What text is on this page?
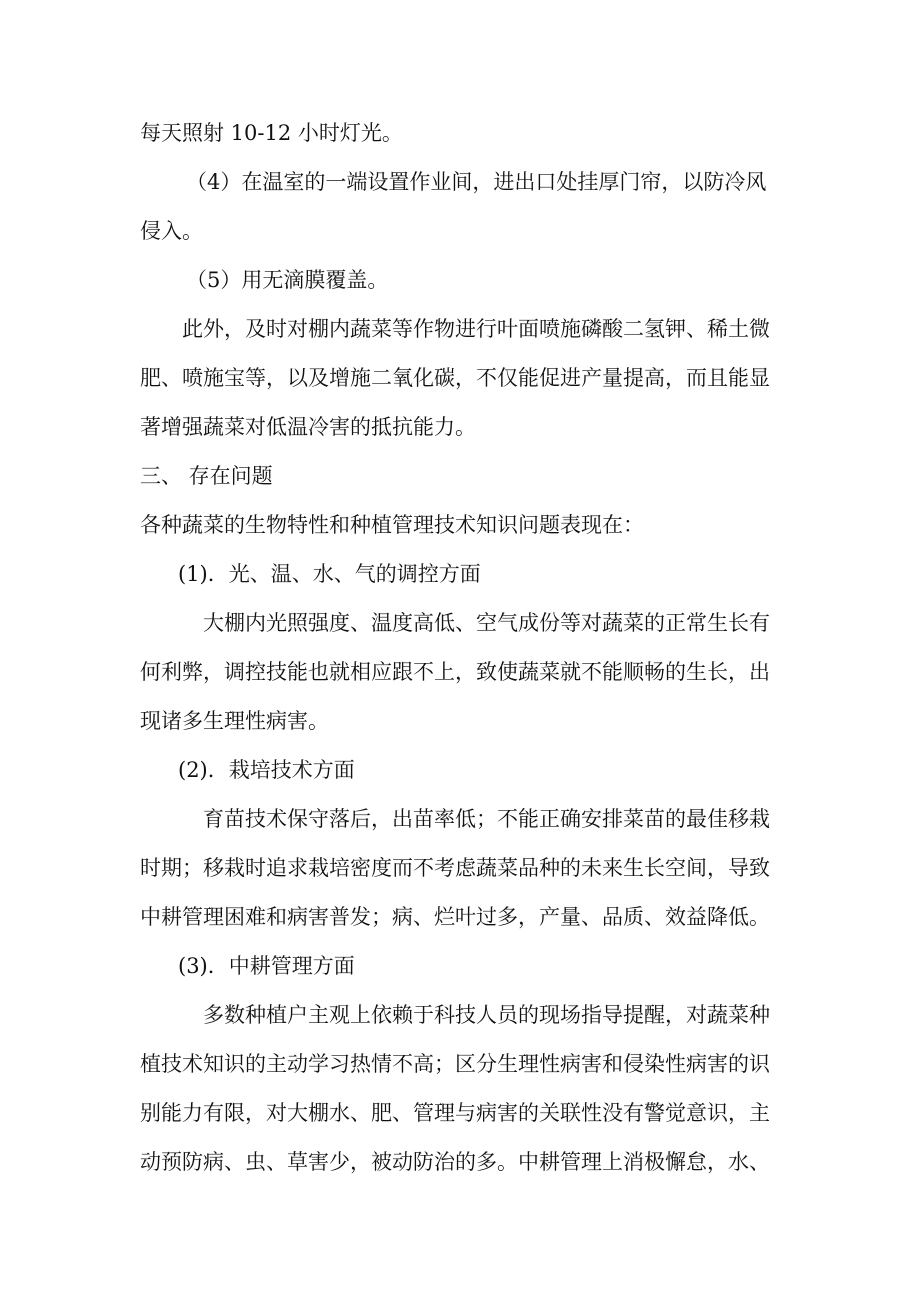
每天照射 10-12 小时灯光。
（4）在温室的一端设置作业间，进出口处挂厚门帘，以防冷风
侵入。
（5）用无滴膜覆盖。
此外，及时对棚内蔬菜等作物进行叶面喷施磷酸二氢钾、稀土微
肥、喷施宝等，以及增施二氧化碳，不仅能促进产量提高，而且能显
著增强蔬菜对低温冷害的抵抗能力。
三、 存在问题
各种蔬菜的生物特性和种植管理技术知识问题表现在：
(1)．光、温、水、气的调控方面
大棚内光照强度、温度高低、空气成份等对蔬菜的正常生长有
何利弊，调控技能也就相应跟不上，致使蔬菜就不能顺畅的生长，出
现诸多生理性病害。
(2)．栽培技术方面
育苗技术保守落后，出苗率低；不能正确安排菜苗的最佳移栽
时期；移栽时追求栽培密度而不考虑蔬菜品种的未来生长空间，导致
中耕管理困难和病害普发；病、烂叶过多，产量、品质、效益降低。
(3)．中耕管理方面
多数种植户主观上依赖于科技人员的现场指导提醒，对蔬菜种
植技术知识的主动学习热情不高；区分生理性病害和侵染性病害的识
别能力有限，对大棚水、肥、管理与病害的关联性没有警觉意识，主
动预防病、虫、草害少，被动防治的多。中耕管理上消极懈怠，水、
